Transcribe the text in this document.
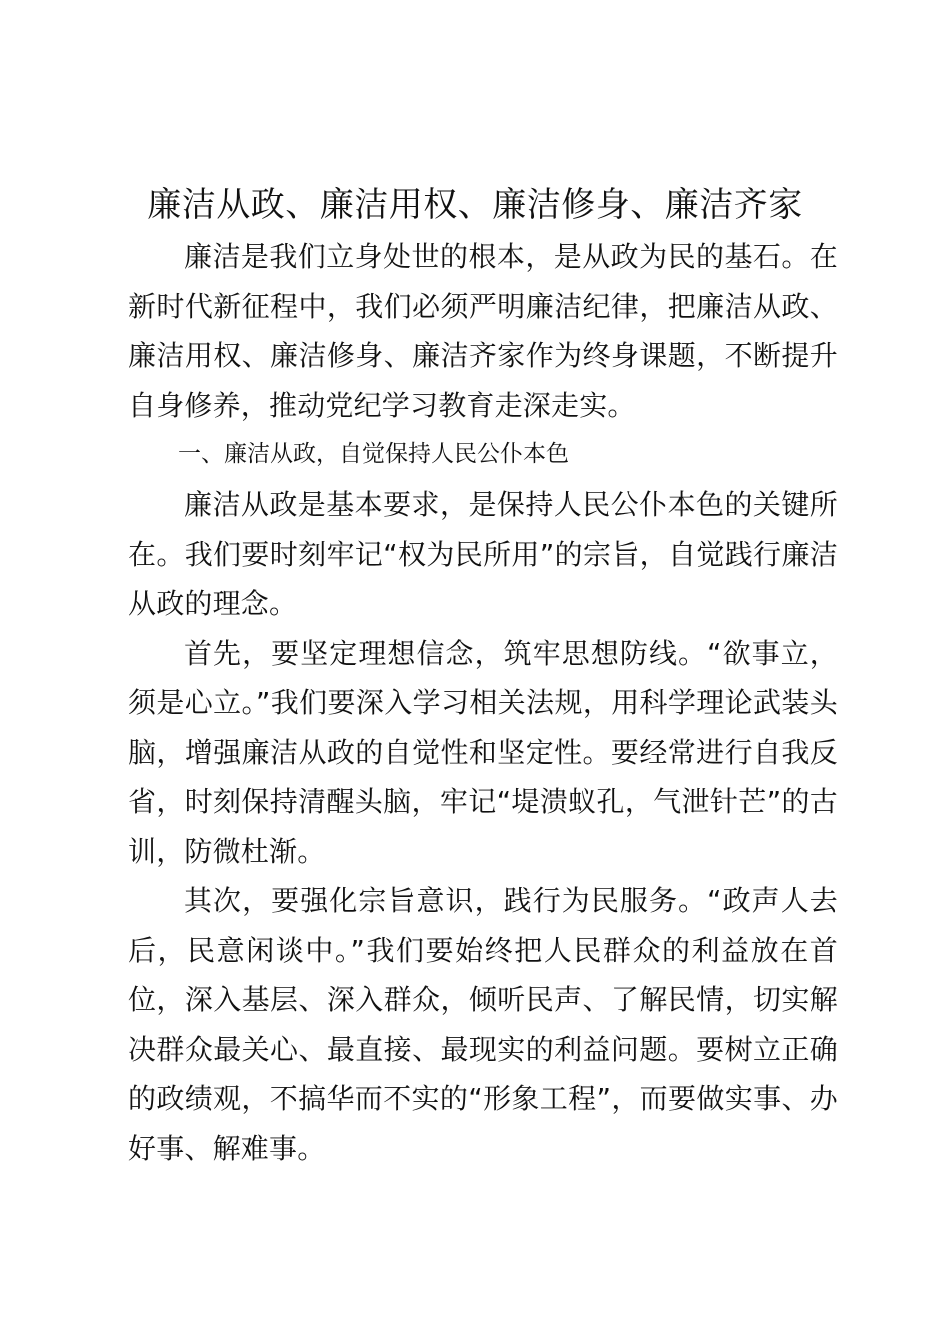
廉洁从政、廉洁用权、廉洁修身、廉洁齐家

廉洁是我们立身处世的根本，是从政为民的基石。在新时代新征程中，我们必须严明廉洁纪律，把廉洁从政、廉洁用权、廉洁修身、廉洁齐家作为终身课题，不断提升自身修养，推动党纪学习教育走深走实。

一、廉洁从政，自觉保持人民公仆本色

廉洁从政是基本要求，是保持人民公仆本色的关键所在。我们要时刻牢记“权为民所用”的宗旨，自觉践行廉洁从政的理念。

首先，要坚定理想信念，筑牢思想防线。“欲事立，须是心立。”我们要深入学习相关法规，用科学理论武装头脑，增强廉洁从政的自觉性和坚定性。要经常进行自我反省，时刻保持清醒头脑，牢记“堤溃蚁孔，气泄针芒”的古训，防微杜渐。

其次，要强化宗旨意识，践行为民服务。“政声人去后，民意闲谈中。”我们要始终把人民群众的利益放在首位，深入基层、深入群众，倾听民声、了解民情，切实解决群众最关心、最直接、最现实的利益问题。要树立正确的政绩观，不搞华而不实的“形象工程”，而要做实事、办好事、解难事。
